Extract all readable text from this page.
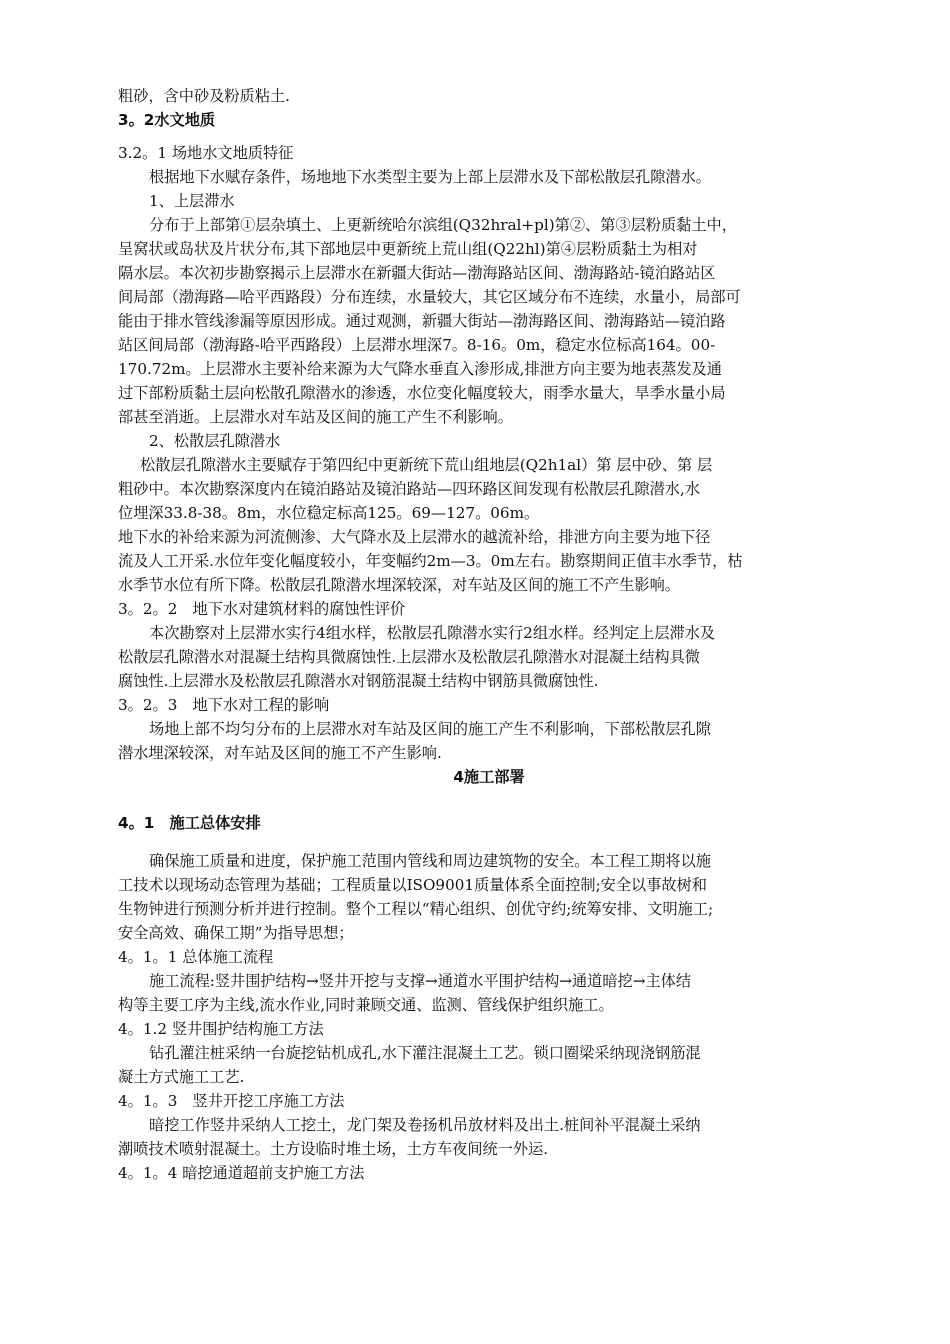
粗砂，含中砂及粉质粘土.

3。2水文地质

3.2。1 场地水文地质特征

根据地下水赋存条件，场地地下水类型主要为上部上层滞水及下部松散层孔隙潜水。

1、上层滞水

分布于上部第①层杂填土、上更新统哈尔滨组(Q32hral+pl)第②、第③层粉质黏土中，

呈窝状或岛状及片状分布,其下部地层中更新统上荒山组(Q22hl)第④层粉质黏土为相对

隔水层。本次初步勘察揭示上层滞水在新疆大街站—渤海路站区间、渤海路站-镜泊路站区

间局部（渤海路—哈平西路段）分布连续，水量较大，其它区域分布不连续，水量小，局部可

能由于排水管线渗漏等原因形成。通过观测，新疆大街站—渤海路区间、渤海路站—镜泊路

站区间局部（渤海路-哈平西路段）上层滞水埋深7。8-16。0m，稳定水位标高164。00-

170.72m。上层滞水主要补给来源为大气降水垂直入渗形成,排泄方向主要为地表蒸发及通

过下部粉质黏土层向松散孔隙潜水的渗透，水位变化幅度较大，雨季水量大，旱季水量小局

部甚至消逝。上层滞水对车站及区间的施工产生不利影响。

2、松散层孔隙潜水

松散层孔隙潜水主要赋存于第四纪中更新统下荒山组地层(Q2h1al）第 层中砂、第 层

粗砂中。本次勘察深度内在镜泊路站及镜泊路站—四环路区间发现有松散层孔隙潜水,水

位埋深33.8-38。8m，水位稳定标高125。69—127。06m。

地下水的补给来源为河流侧渗、大气降水及上层滞水的越流补给，排泄方向主要为地下径

流及人工开采.水位年变化幅度较小，年变幅约2m—3。0m左右。勘察期间正值丰水季节，枯

水季节水位有所下降。松散层孔隙潜水埋深较深，对车站及区间的施工不产生影响。

3。2。2　地下水对建筑材料的腐蚀性评价

本次勘察对上层滞水实行4组水样，松散层孔隙潜水实行2组水样。经判定上层滞水及

松散层孔隙潜水对混凝土结构具微腐蚀性.上层滞水及松散层孔隙潜水对混凝土结构具微

腐蚀性.上层滞水及松散层孔隙潜水对钢筋混凝土结构中钢筋具微腐蚀性.

3。2。3　地下水对工程的影响

场地上部不均匀分布的上层滞水对车站及区间的施工产生不利影响，下部松散层孔隙

潜水埋深较深，对车站及区间的施工不产生影响.

4施工部署

4。1　施工总体安排

确保施工质量和进度，保护施工范围内管线和周边建筑物的安全。本工程工期将以施

工技术以现场动态管理为基础；工程质量以ISO9001质量体系全面控制;安全以事故树和

生物钟进行预测分析并进行控制。整个工程以“精心组织、创优守约;统筹安排、文明施工;

安全高效、确保工期”为指导思想；

4。1。1 总体施工流程

施工流程:竖井围护结构→竖井开挖与支撑→通道水平围护结构→通道暗挖→主体结

构等主要工序为主线,流水作业,同时兼顾交通、监测、管线保护组织施工。

4。1.2 竖井围护结构施工方法

钻孔灌注桩采纳一台旋挖钻机成孔,水下灌注混凝土工艺。锁口圈梁采纳现浇钢筋混

凝土方式施工工艺.

4。1。3　竖井开挖工序施工方法

暗挖工作竖井采纳人工挖土，龙门架及卷扬机吊放材料及出土.桩间补平混凝土采纳

潮喷技术喷射混凝土。土方设临时堆土场，土方车夜间统一外运.

4。1。4 暗挖通道超前支护施工方法
